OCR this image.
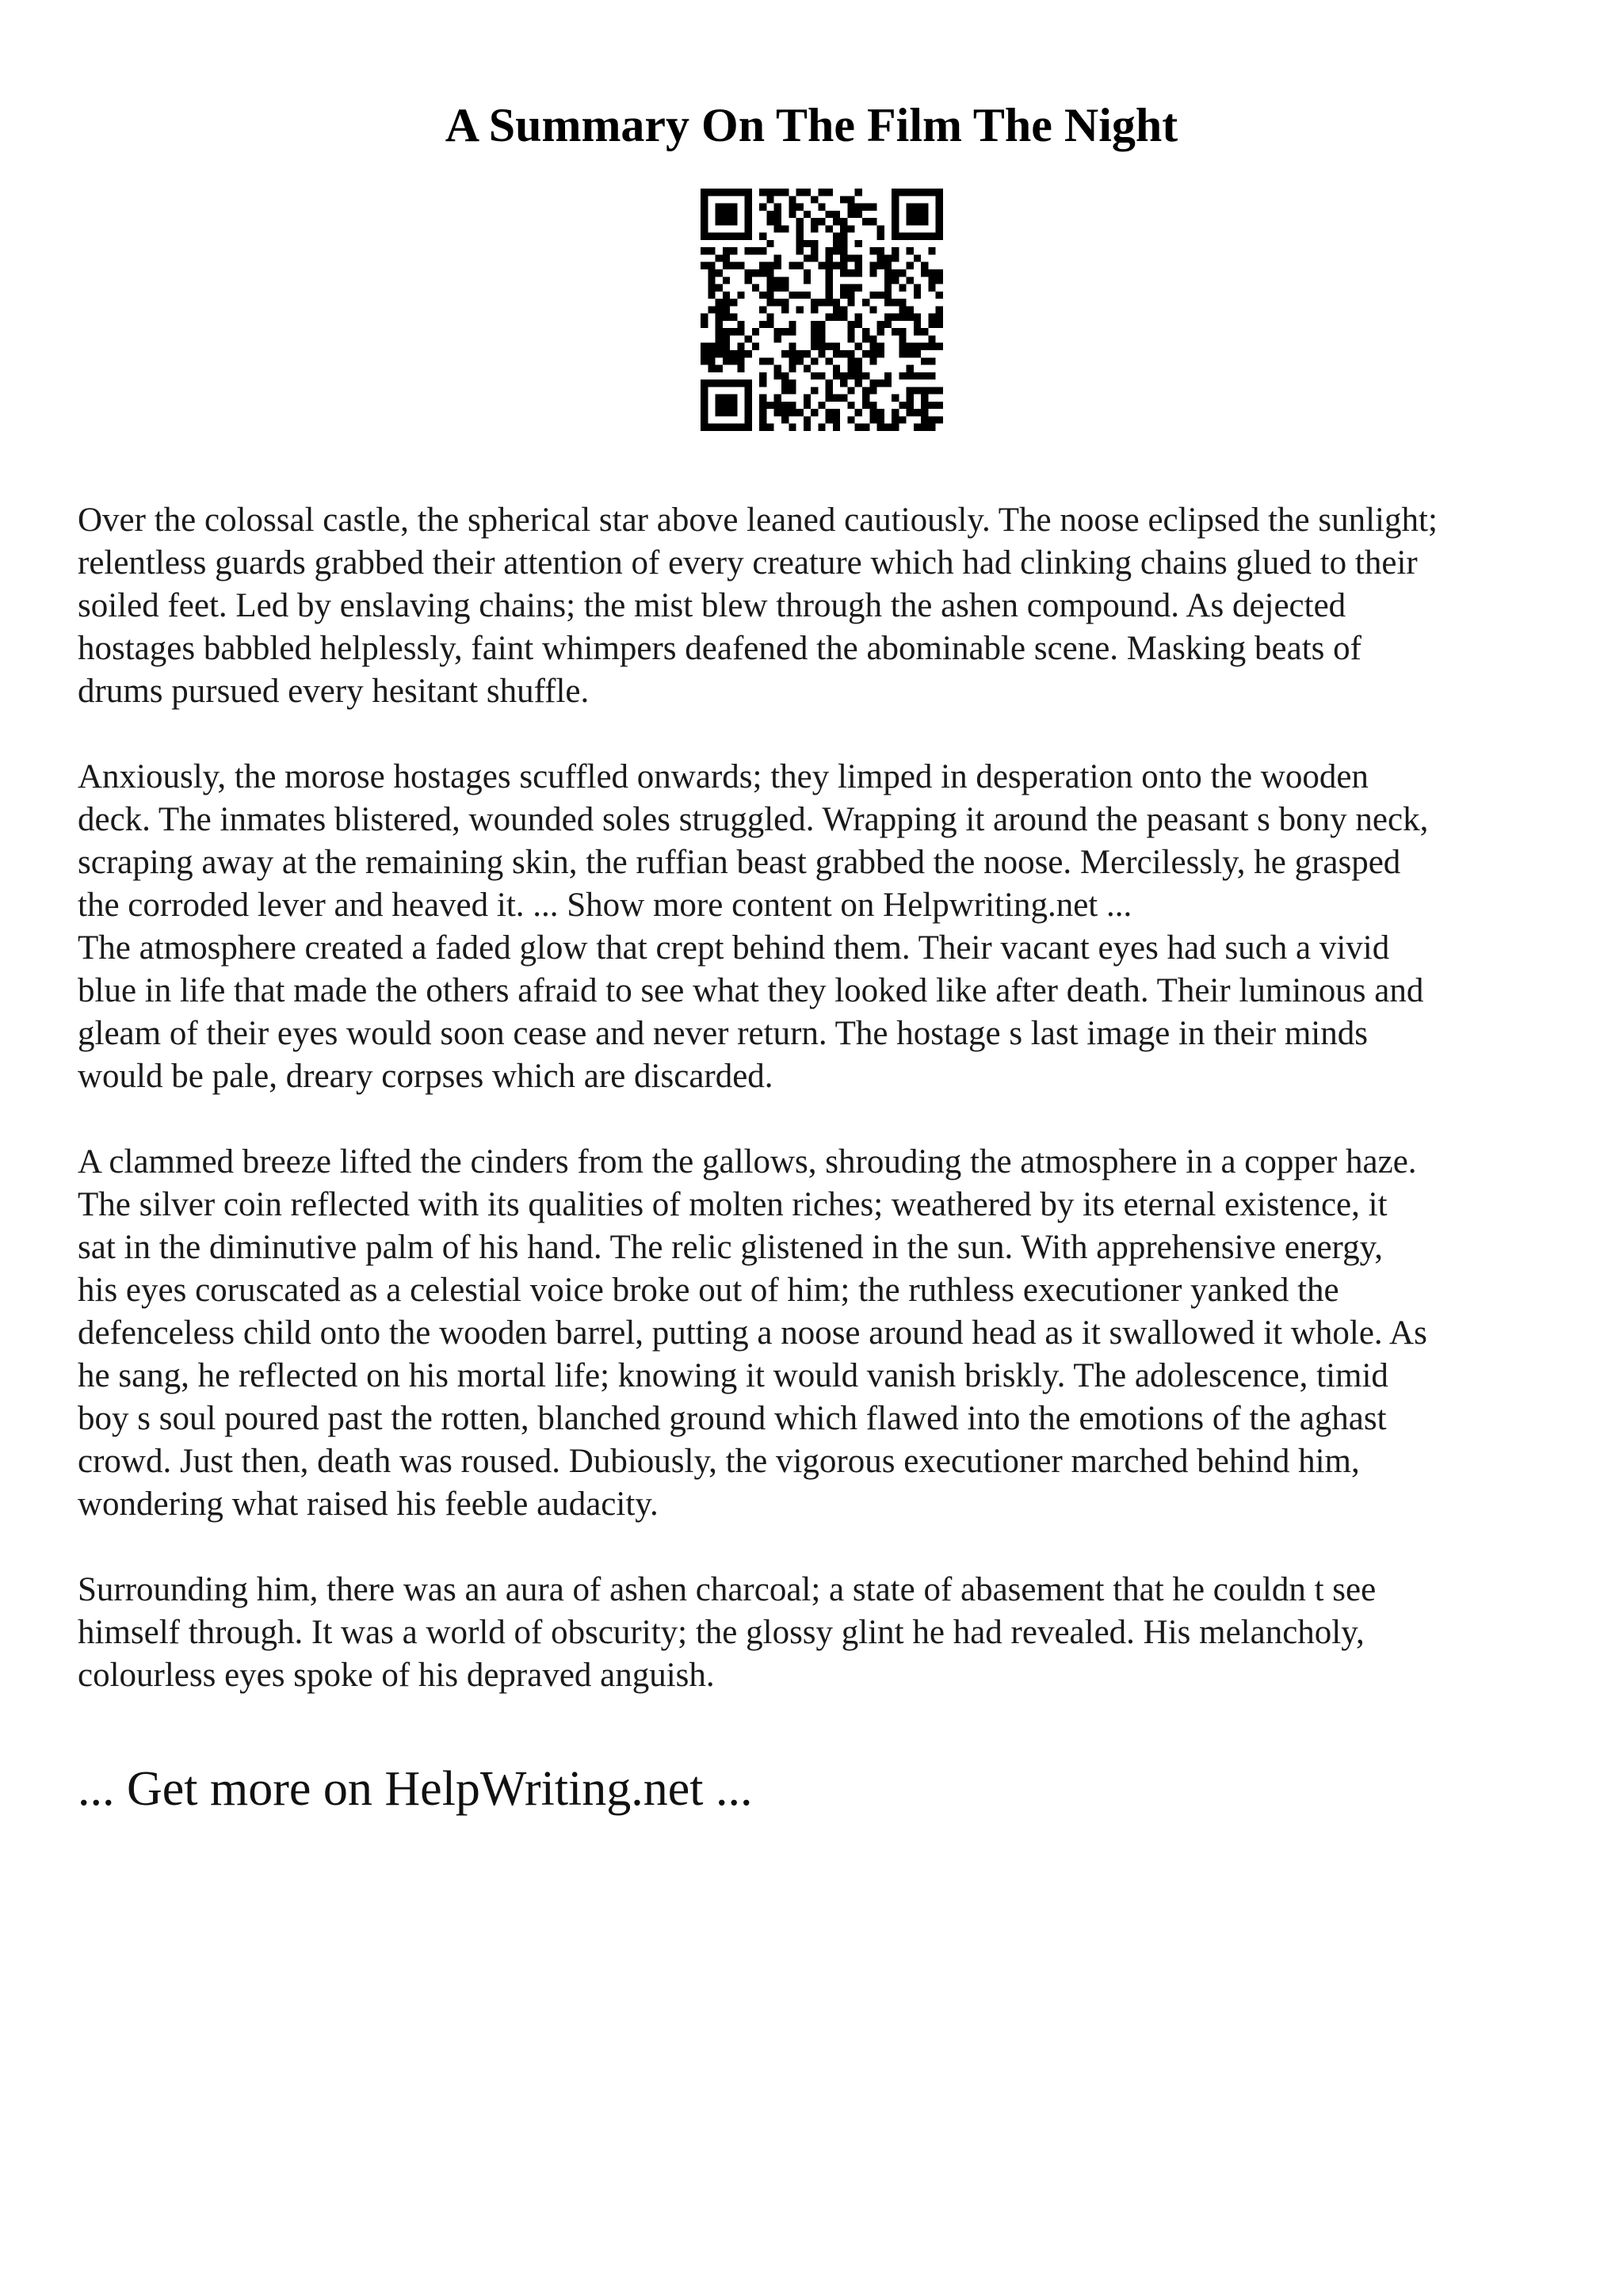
A Summary On The Film The Night

Over the colossal castle, the spherical star above leaned cautiously. The noose eclipsed the sunlight;
relentless guards grabbed their attention of every creature which had clinking chains glued to their
soiled feet. Led by enslaving chains; the mist blew through the ashen compound. As dejected
hostages babbled helplessly, faint whimpers deafened the abominable scene. Masking beats of
drums pursued every hesitant shuffle.

Anxiously, the morose hostages scuffled onwards; they limped in desperation onto the wooden
deck. The inmates blistered, wounded soles struggled. Wrapping it around the peasant s bony neck,
scraping away at the remaining skin, the ruffian beast grabbed the noose. Mercilessly, he grasped
the corroded lever and heaved it. ... Show more content on Helpwriting.net ...
The atmosphere created a faded glow that crept behind them. Their vacant eyes had such a vivid
blue in life that made the others afraid to see what they looked like after death. Their luminous and
gleam of their eyes would soon cease and never return. The hostage s last image in their minds
would be pale, dreary corpses which are discarded.

A clammed breeze lifted the cinders from the gallows, shrouding the atmosphere in a copper haze.
The silver coin reflected with its qualities of molten riches; weathered by its eternal existence, it
sat in the diminutive palm of his hand. The relic glistened in the sun. With apprehensive energy,
his eyes coruscated as a celestial voice broke out of him; the ruthless executioner yanked the
defenceless child onto the wooden barrel, putting a noose around head as it swallowed it whole. As
he sang, he reflected on his mortal life; knowing it would vanish briskly. The adolescence, timid
boy s soul poured past the rotten, blanched ground which flawed into the emotions of the aghast
crowd. Just then, death was roused. Dubiously, the vigorous executioner marched behind him,
wondering what raised his feeble audacity.

Surrounding him, there was an aura of ashen charcoal; a state of abasement that he couldn t see
himself through. It was a world of obscurity; the glossy glint he had revealed. His melancholy,
colourless eyes spoke of his depraved anguish.

... Get more on HelpWriting.net ...
